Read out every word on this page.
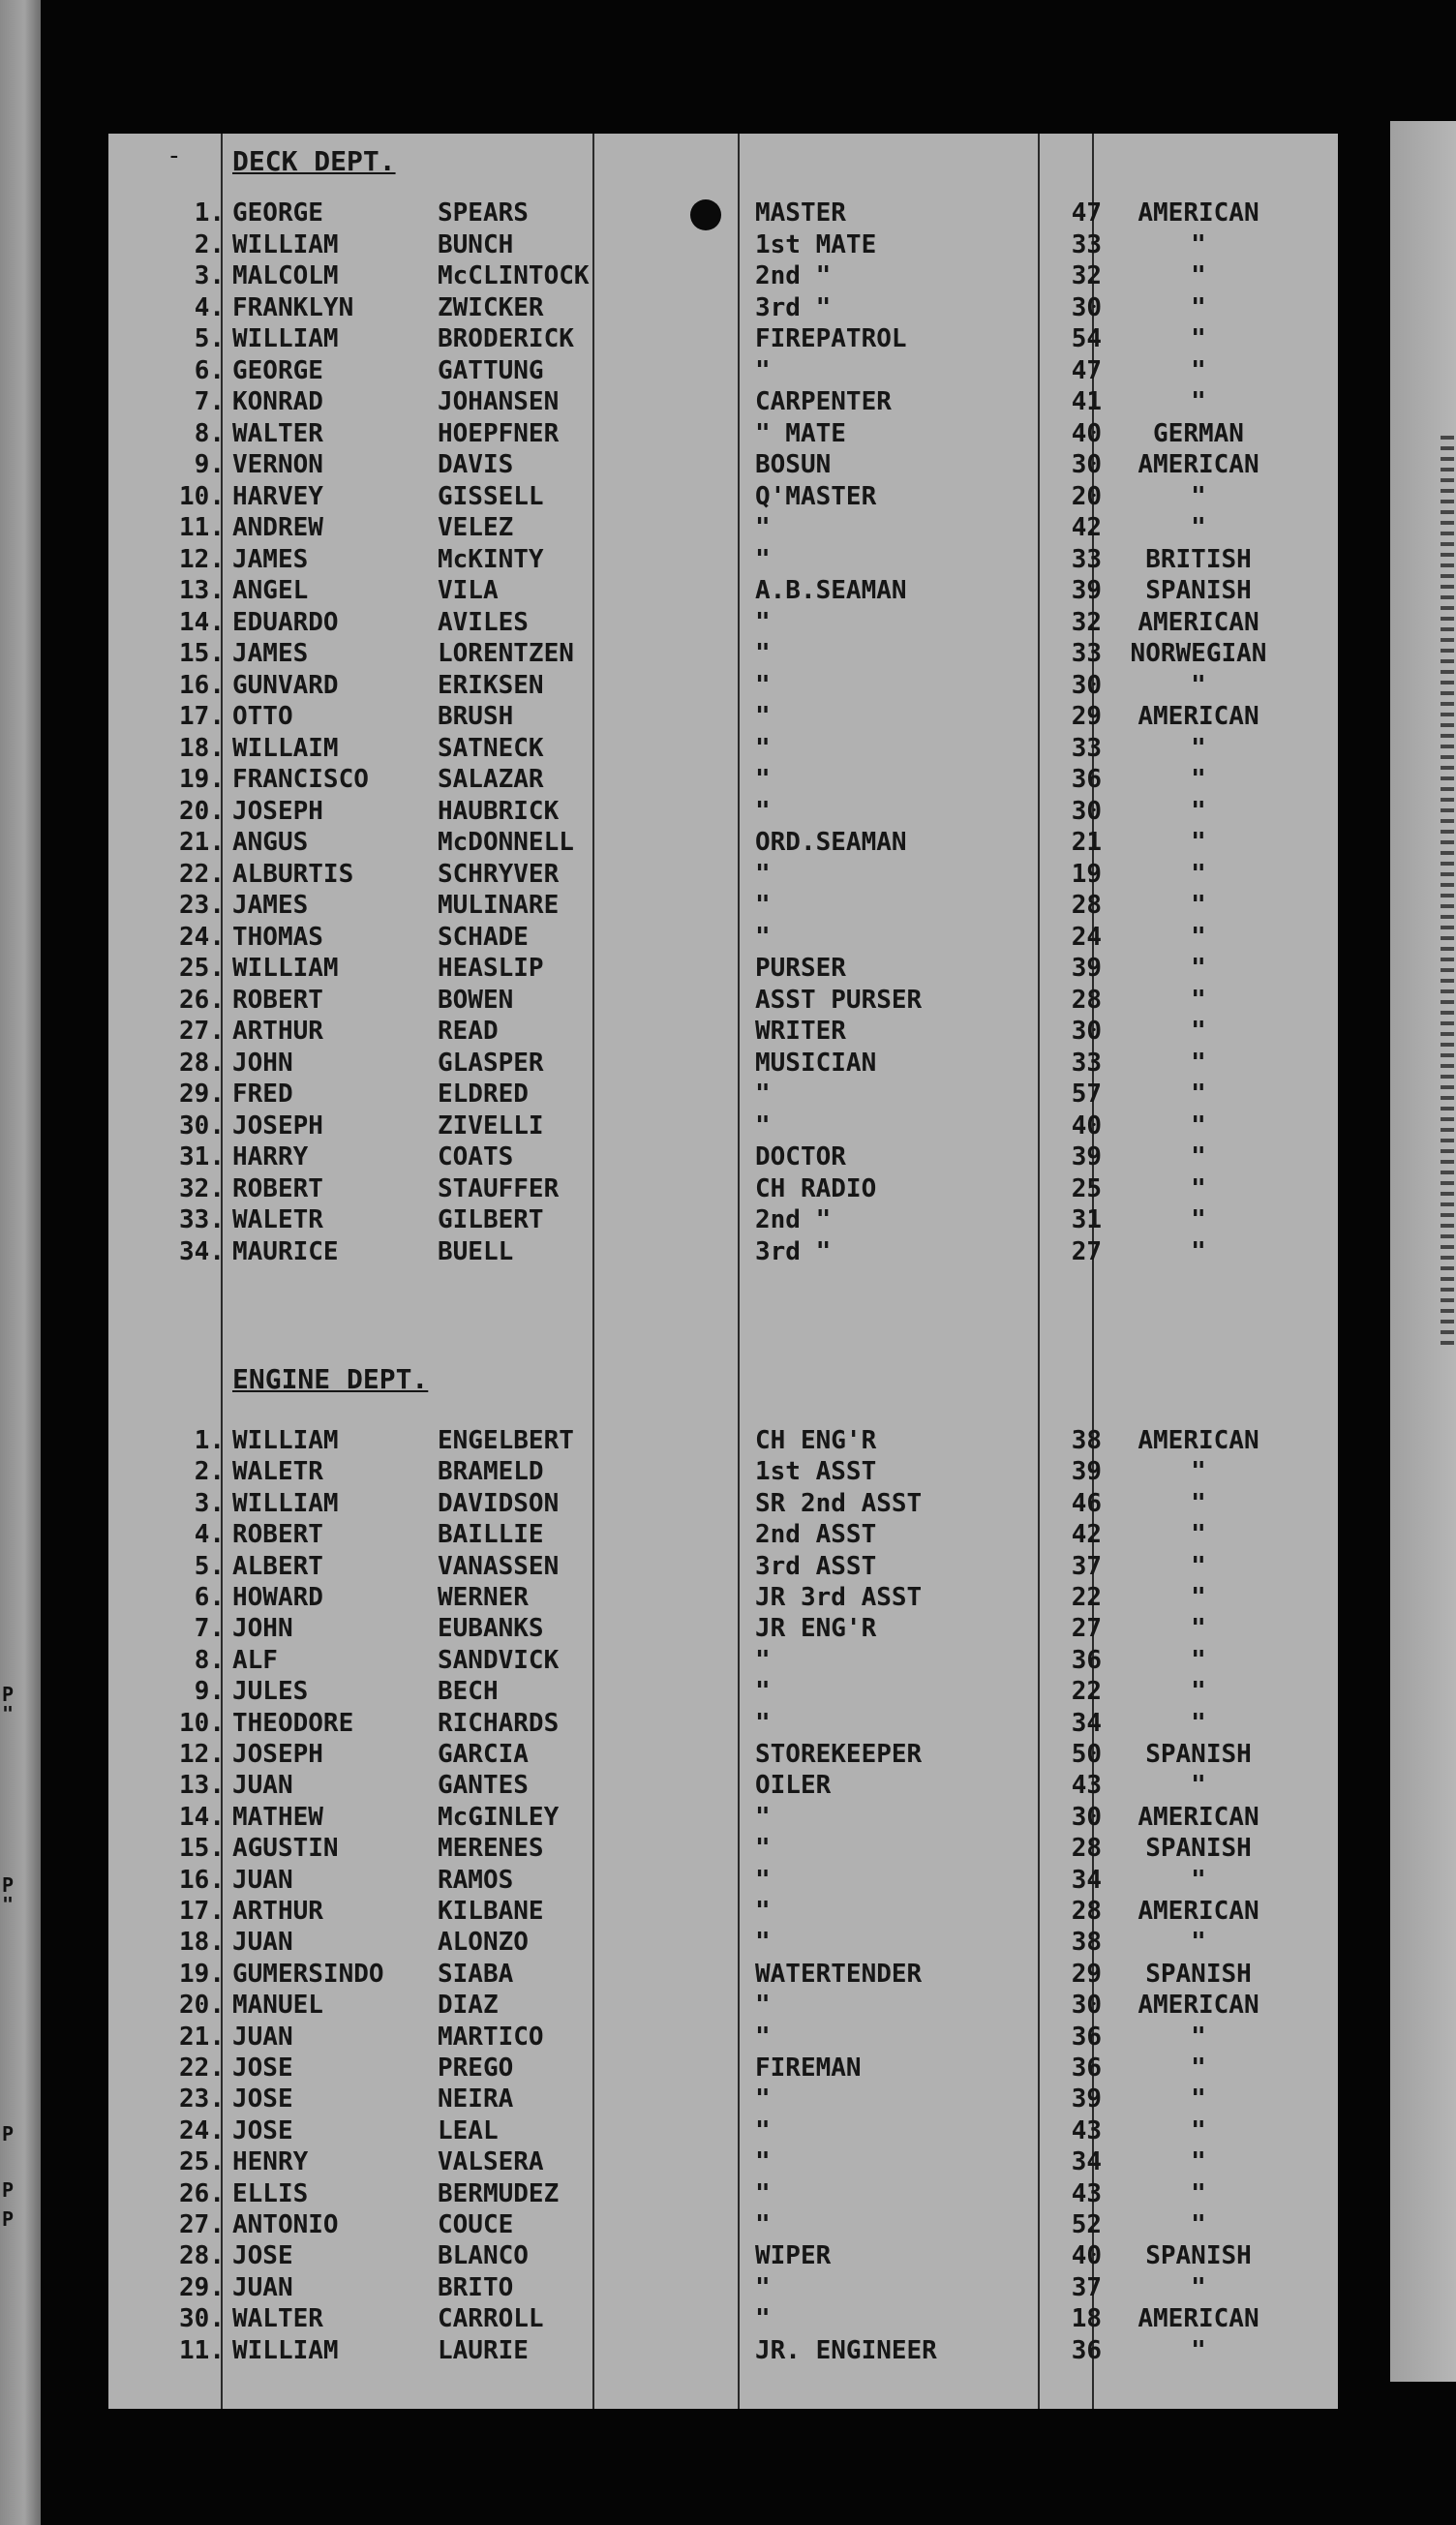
P
"
P
"
P
P
P
- DECK DEPT.
1. GEORGE	SPEARS	MASTER	47	AMERICAN
2. WILLIAM	BUNCH	1st MATE	33	"
3. MALCOLM	McCLINTOCK	2nd "	32	"
4. FRANKLYN	ZWICKER	3rd "	30	"
5. WILLIAM	BRODERICK	FIREPATROL	54	"
6. GEORGE	GATTUNG	"	47	"
7. KONRAD	JOHANSEN	CARPENTER	41	"
8. WALTER	HOEPFNER	" MATE	40	GERMAN
9. VERNON	DAVIS	BOSUN	30	AMERICAN
10. HARVEY	GISSELL	Q'MASTER	20	"
11. ANDREW	VELEZ	"	42	"
12. JAMES	McKINTY	"	33	BRITISH
13. ANGEL	VILA	A.B.SEAMAN	39	SPANISH
14. EDUARDO	AVILES	"	32	AMERICAN
15. JAMES	LORENTZEN	"	33	NORWEGIAN
16. GUNVARD	ERIKSEN	"	30	"
17. OTTO	BRUSH	"	29	AMERICAN
18. WILLAIM	SATNECK	"	33	"
19. FRANCISCO	SALAZAR	"	36	"
20. JOSEPH	HAUBRICK	"	30	"
21. ANGUS	McDONNELL	ORD.SEAMAN	21	"
22. ALBURTIS	SCHRYVER	"	19	"
23. JAMES	MULINARE	"	28	"
24. THOMAS	SCHADE	"	24	"
25. WILLIAM	HEASLIP	PURSER	39	"
26. ROBERT	BOWEN	ASST PURSER	28	"
27. ARTHUR	READ	WRITER	30	"
28. JOHN	GLASPER	MUSICIAN	33	"
29. FRED	ELDRED	"	57	"
30. JOSEPH	ZIVELLI	"	40	"
31. HARRY	COATS	DOCTOR	39	"
32. ROBERT	STAUFFER	CH RADIO	25	"
33. WALETR	GILBERT	2nd "	31	"
34. MAURICE	BUELL	3rd "	27	"
ENGINE DEPT.
1. WILLIAM	ENGELBERT	CH ENG'R	38	AMERICAN
2. WALETR	BRAMELD	1st ASST	39	"
3. WILLIAM	DAVIDSON	SR 2nd ASST	46	"
4. ROBERT	BAILLIE	2nd ASST	42	"
5. ALBERT	VANASSEN	3rd ASST	37	"
6. HOWARD	WERNER	JR 3rd ASST	22	"
7. JOHN	EUBANKS	JR ENG'R	27	"
8. ALF	SANDVICK	"	36	"
9. JULES	BECH	"	22	"
10. THEODORE	RICHARDS	"	34	"
12. JOSEPH	GARCIA	STOREKEEPER	50	SPANISH
13. JUAN	GANTES	OILER	43	"
14. MATHEW	McGINLEY	"	30	AMERICAN
15. AGUSTIN	MERENES	"	28	SPANISH
16. JUAN	RAMOS	"	34	"
17. ARTHUR	KILBANE	"	28	AMERICAN
18. JUAN	ALONZO	"	38	"
19. GUMERSINDO SIABA	WATERTENDER	29	SPANISH
20. MANUEL	DIAZ	"	30	AMERICAN
21. JUAN	MARTICO	"	36	"
22. JOSE	PREGO	FIREMAN	36	"
23. JOSE	NEIRA	"	39	"
24. JOSE	LEAL	"	43	"
25. HENRY	VALSERA	"	34	"
26. ELLIS	BERMUDEZ	"	43	"
27. ANTONIO	COUCE	"	52	"
28. JOSE	BLANCO	WIPER	40	SPANISH
29. JUAN	BRITO	"	37	"
30. WALTER	CARROLL	"	18	AMERICAN
11. WILLIAM	LAURIE	JR. ENGINEER	36	"
